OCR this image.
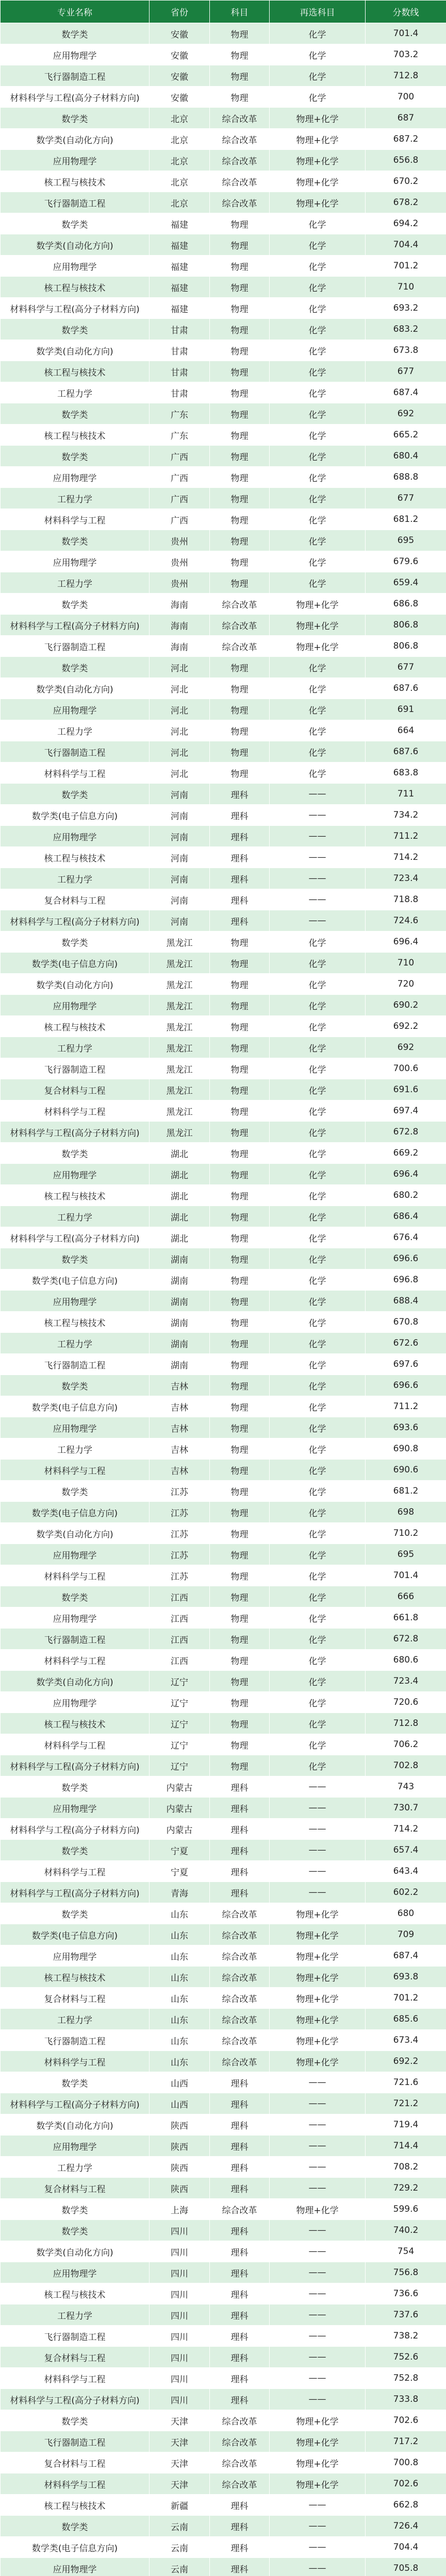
专业名称	省份	科目	再选科目	分数线
数学类	安徽	物理	化学	701.4
应用物理学	安徽	物理	化学	703.2
飞行器制造工程	安徽	物理	化学	712.8
材料科学与工程(高分子材料方向)	安徽	物理	化学	700
数学类	北京	综合改革	物理+化学	687
数学类(自动化方向)	北京	综合改革	物理+化学	687.2
应用物理学	北京	综合改革	物理+化学	656.8
核工程与核技术	北京	综合改革	物理+化学	670.2
飞行器制造工程	北京	综合改革	物理+化学	678.2
数学类	福建	物理	化学	694.2
数学类(自动化方向)	福建	物理	化学	704.4
应用物理学	福建	物理	化学	701.2
核工程与核技术	福建	物理	化学	710
材料科学与工程(高分子材料方向)	福建	物理	化学	693.2
数学类	甘肃	物理	化学	683.2
数学类(自动化方向)	甘肃	物理	化学	673.8
核工程与核技术	甘肃	物理	化学	677
工程力学	甘肃	物理	化学	687.4
数学类	广东	物理	化学	692
核工程与核技术	广东	物理	化学	665.2
数学类	广西	物理	化学	680.4
应用物理学	广西	物理	化学	688.8
工程力学	广西	物理	化学	677
材料科学与工程	广西	物理	化学	681.2
数学类	贵州	物理	化学	695
应用物理学	贵州	物理	化学	679.6
工程力学	贵州	物理	化学	659.4
数学类	海南	综合改革	物理+化学	686.8
材料科学与工程(高分子材料方向)	海南	综合改革	物理+化学	806.8
飞行器制造工程	海南	综合改革	物理+化学	806.8
数学类	河北	物理	化学	677
数学类(自动化方向)	河北	物理	化学	687.6
应用物理学	河北	物理	化学	691
工程力学	河北	物理	化学	664
飞行器制造工程	河北	物理	化学	687.6
材料科学与工程	河北	物理	化学	683.8
数学类	河南	理科	——	711
数学类(电子信息方向)	河南	理科	——	734.2
应用物理学	河南	理科	——	711.2
核工程与核技术	河南	理科	——	714.2
工程力学	河南	理科	——	723.4
复合材料与工程	河南	理科	——	718.8
材料科学与工程(高分子材料方向)	河南	理科	——	724.6
数学类	黑龙江	物理	化学	696.4
数学类(电子信息方向)	黑龙江	物理	化学	710
数学类(自动化方向)	黑龙江	物理	化学	720
应用物理学	黑龙江	物理	化学	690.2
核工程与核技术	黑龙江	物理	化学	692.2
工程力学	黑龙江	物理	化学	692
飞行器制造工程	黑龙江	物理	化学	700.6
复合材料与工程	黑龙江	物理	化学	691.6
材料科学与工程	黑龙江	物理	化学	697.4
材料科学与工程(高分子材料方向)	黑龙江	物理	化学	672.8
数学类	湖北	物理	化学	669.2
应用物理学	湖北	物理	化学	696.4
核工程与核技术	湖北	物理	化学	680.2
工程力学	湖北	物理	化学	686.4
材料科学与工程(高分子材料方向)	湖北	物理	化学	676.4
数学类	湖南	物理	化学	696.6
数学类(电子信息方向)	湖南	物理	化学	696.8
应用物理学	湖南	物理	化学	688.4
核工程与核技术	湖南	物理	化学	670.8
工程力学	湖南	物理	化学	672.6
飞行器制造工程	湖南	物理	化学	697.6
数学类	吉林	物理	化学	696.6
数学类(电子信息方向)	吉林	物理	化学	711.2
应用物理学	吉林	物理	化学	693.6
工程力学	吉林	物理	化学	690.8
材料科学与工程	吉林	物理	化学	690.6
数学类	江苏	物理	化学	681.2
数学类(电子信息方向)	江苏	物理	化学	698
数学类(自动化方向)	江苏	物理	化学	710.2
应用物理学	江苏	物理	化学	695
材料科学与工程	江苏	物理	化学	701.4
数学类	江西	物理	化学	666
应用物理学	江西	物理	化学	661.8
飞行器制造工程	江西	物理	化学	672.8
材料科学与工程	江西	物理	化学	680.6
数学类(自动化方向)	辽宁	物理	化学	723.4
应用物理学	辽宁	物理	化学	720.6
核工程与核技术	辽宁	物理	化学	712.8
材料科学与工程	辽宁	物理	化学	706.2
材料科学与工程(高分子材料方向)	辽宁	物理	化学	702.8
数学类	内蒙古	理科	——	743
应用物理学	内蒙古	理科	——	730.7
材料科学与工程(高分子材料方向)	内蒙古	理科	——	714.2
数学类	宁夏	理科	——	657.4
材料科学与工程	宁夏	理科	——	643.4
材料科学与工程(高分子材料方向)	青海	理科	——	602.2
数学类	山东	综合改革	物理+化学	680
数学类(电子信息方向)	山东	综合改革	物理+化学	709
应用物理学	山东	综合改革	物理+化学	687.4
核工程与核技术	山东	综合改革	物理+化学	693.8
复合材料与工程	山东	综合改革	物理+化学	701.2
工程力学	山东	综合改革	物理+化学	685.6
飞行器制造工程	山东	综合改革	物理+化学	673.4
材料科学与工程	山东	综合改革	物理+化学	692.2
数学类	山西	理科	——	721.6
材料科学与工程(高分子材料方向)	山西	理科	——	721.2
数学类(自动化方向)	陕西	理科	——	719.4
应用物理学	陕西	理科	——	714.4
工程力学	陕西	理科	——	708.2
复合材料与工程	陕西	理科	——	729.2
数学类	上海	综合改革	物理+化学	599.6
数学类	四川	理科	——	740.2
数学类(自动化方向)	四川	理科	——	754
应用物理学	四川	理科	——	756.8
核工程与核技术	四川	理科	——	736.6
工程力学	四川	理科	——	737.6
飞行器制造工程	四川	理科	——	738.2
复合材料与工程	四川	理科	——	752.6
材料科学与工程	四川	理科	——	752.8
材料科学与工程(高分子材料方向)	四川	理科	——	733.8
数学类	天津	综合改革	物理+化学	702.6
飞行器制造工程	天津	综合改革	物理+化学	717.2
复合材料与工程	天津	综合改革	物理+化学	700.8
材料科学与工程	天津	综合改革	物理+化学	702.6
核工程与核技术	新疆	理科	——	662.8
数学类	云南	理科	——	726.4
数学类(电子信息方向)	云南	理科	——	704.4
应用物理学	云南	理科	——	705.8
